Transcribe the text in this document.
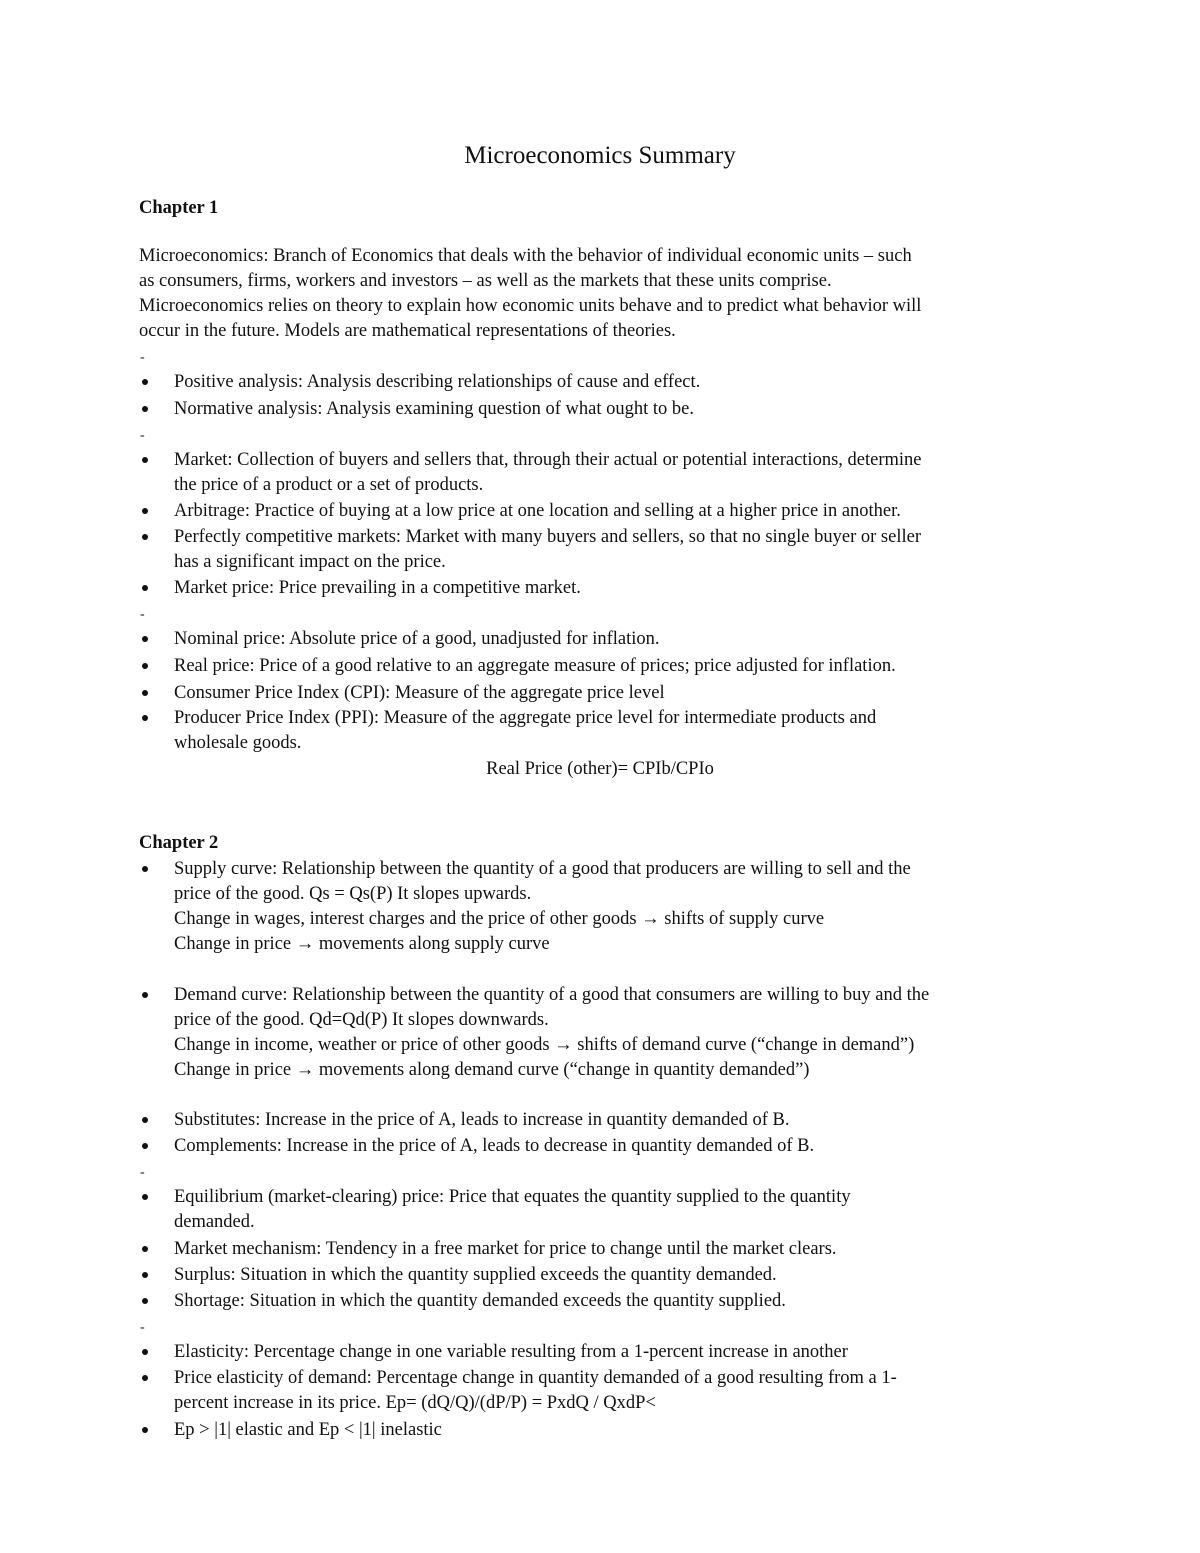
Microeconomics Summary
Chapter 1
Microeconomics: Branch of Economics that deals with the behavior of individual economic units – such
as consumers, firms, workers and investors – as well as the markets that these units comprise.
Microeconomics relies on theory to explain how economic units behave and to predict what behavior will
occur in the future. Models are mathematical representations of theories.
-
Positive analysis: Analysis describing relationships of cause and effect.
Normative analysis: Analysis examining question of what ought to be.
-
Market: Collection of buyers and sellers that, through their actual or potential interactions, determine
the price of a product or a set of products.
Arbitrage: Practice of buying at a low price at one location and selling at a higher price in another.
Perfectly competitive markets: Market with many buyers and sellers, so that no single buyer or seller
has a significant impact on the price.
Market price: Price prevailing in a competitive market.
-
Nominal price: Absolute price of a good, unadjusted for inflation.
Real price: Price of a good relative to an aggregate measure of prices; price adjusted for inflation.
Consumer Price Index (CPI): Measure of the aggregate price level
Producer Price Index (PPI): Measure of the aggregate price level for intermediate products and
wholesale goods.
Real Price (other)= CPIb/CPIo
Chapter 2
Supply curve: Relationship between the quantity of a good that producers are willing to sell and the
price of the good. Qs = Qs(P) It slopes upwards.
Change in wages, interest charges and the price of other goods → shifts of supply curve
Change in price → movements along supply curve
Demand curve: Relationship between the quantity of a good that consumers are willing to buy and the
price of the good. Qd=Qd(P) It slopes downwards.
Change in income, weather or price of other goods → shifts of demand curve (“change in demand”)
Change in price → movements along demand curve (“change in quantity demanded”)
Substitutes: Increase in the price of A, leads to increase in quantity demanded of B.
Complements: Increase in the price of A, leads to decrease in quantity demanded of B.
-
Equilibrium (market-clearing) price: Price that equates the quantity supplied to the quantity
demanded.
Market mechanism: Tendency in a free market for price to change until the market clears.
Surplus: Situation in which the quantity supplied exceeds the quantity demanded.
Shortage: Situation in which the quantity demanded exceeds the quantity supplied.
-
Elasticity: Percentage change in one variable resulting from a 1-percent increase in another
Price elasticity of demand: Percentage change in quantity demanded of a good resulting from a 1-
percent increase in its price. Ep= (dQ/Q)/(dP/P) = PxdQ / QxdP<
Ep > |1| elastic and Ep < |1| inelastic
